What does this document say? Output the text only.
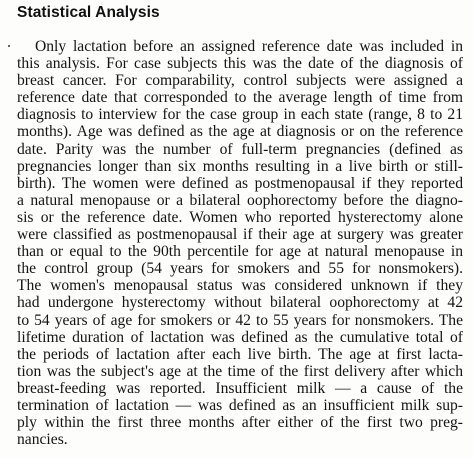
Statistical Analysis
Only lactation before an assigned reference date was included in
this analysis. For case subjects this was the date of the diagnosis of
breast cancer. For comparability, control subjects were assigned a
reference date that corresponded to the average length of time from
diagnosis to interview for the case group in each state (range, 8 to 21
months). Age was defined as the age at diagnosis or on the reference
date. Parity was the number of full-term pregnancies (defined as
pregnancies longer than six months resulting in a live birth or still-
birth). The women were defined as postmenopausal if they reported
a natural menopause or a bilateral oophorectomy before the diagno-
sis or the reference date. Women who reported hysterectomy alone
were classified as postmenopausal if their age at surgery was greater
than or equal to the 90th percentile for age at natural menopause in
the control group (54 years for smokers and 55 for nonsmokers).
The women's menopausal status was considered unknown if they
had undergone hysterectomy without bilateral oophorectomy at 42
to 54 years of age for smokers or 42 to 55 years for nonsmokers. The
lifetime duration of lactation was defined as the cumulative total of
the periods of lactation after each live birth. The age at first lacta-
tion was the subject's age at the time of the first delivery after which
breast-feeding was reported. Insufficient milk — a cause of the
termination of lactation — was defined as an insufficient milk sup-
ply within the first three months after either of the first two preg-
nancies.
